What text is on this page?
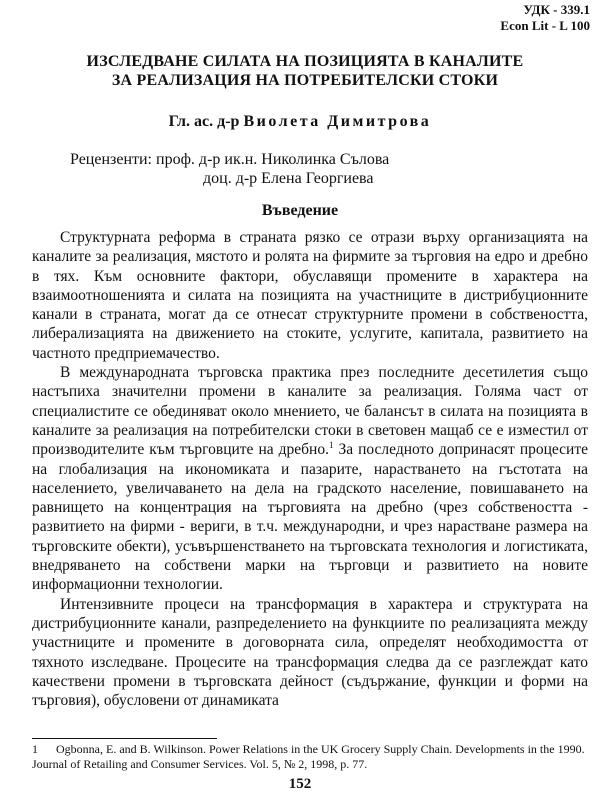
УДК - 339.1
Econ Lit - L 100
ИЗСЛЕДВАНЕ СИЛАТА НА ПОЗИЦИЯТА В КАНАЛИТЕ
ЗА РЕАЛИЗАЦИЯ НА ПОТРЕБИТЕЛСКИ СТОКИ
Гл. ас. д-р Виолета Димитрова
Рецензенти: проф. д-р ик.н. Николинка Сълова
доц. д-р Елена Георгиева
Въведение

Структурната реформа в страната рязко се отрази върху организацията на каналите за реализация, мястото и ролята на фирмите за търговия на едро и дребно в тях. Към основните фактори, обуславящи промените в характера на взаимоотношенията и силата на позицията на участниците в дистрибуционните канали в страната, могат да се отнесат структурните промени в собствеността, либерализацията на движението на стоките, услугите, капитала, развитието на частното предприемачество.

В международната търговска практика през последните десетилетия също настъпиха значителни промени в каналите за реализация. Голяма част от специалистите се обединяват около мнението, че балансът в силата на позицията в каналите за реализация на потребителски стоки в световен мащаб се е изместил от производителите към търговците на дребно.$^1$ За последното допринасят процесите на глобализация на икономиката и пазарите, нарастването на гъстотата на населението, увеличаването на дела на градското население, повишаването на равнището на концентрация на търговията на дребно (чрез собствеността - развитието на фирми - вериги, в т.ч. международни, и чрез нарастване размера на търговските обекти), усъвършенстването на търговската технология и логистиката, внедряването на собствени марки на търговци и развитието на новите информационни технологии.

Интензивните процеси на трансформация в характера и структурата на дистрибуционните канали, разпределението на функциите по реализацията между участниците и промените в договорната сила, определят необходимостта от тяхното изследване. Процесите на трансформация следва да се разглеждат като качествени промени в търговската дейност (съдържание, функции и форми на търговия), обусловени от динамиката

1 Ogbonna, E. and B. Wilkinson. Power Relations in the UK Grocery Supply Chain. Developments in the 1990. Journal of Retailing and Consumer Services. Vol. 5, № 2, 1998, p. 77.
152
